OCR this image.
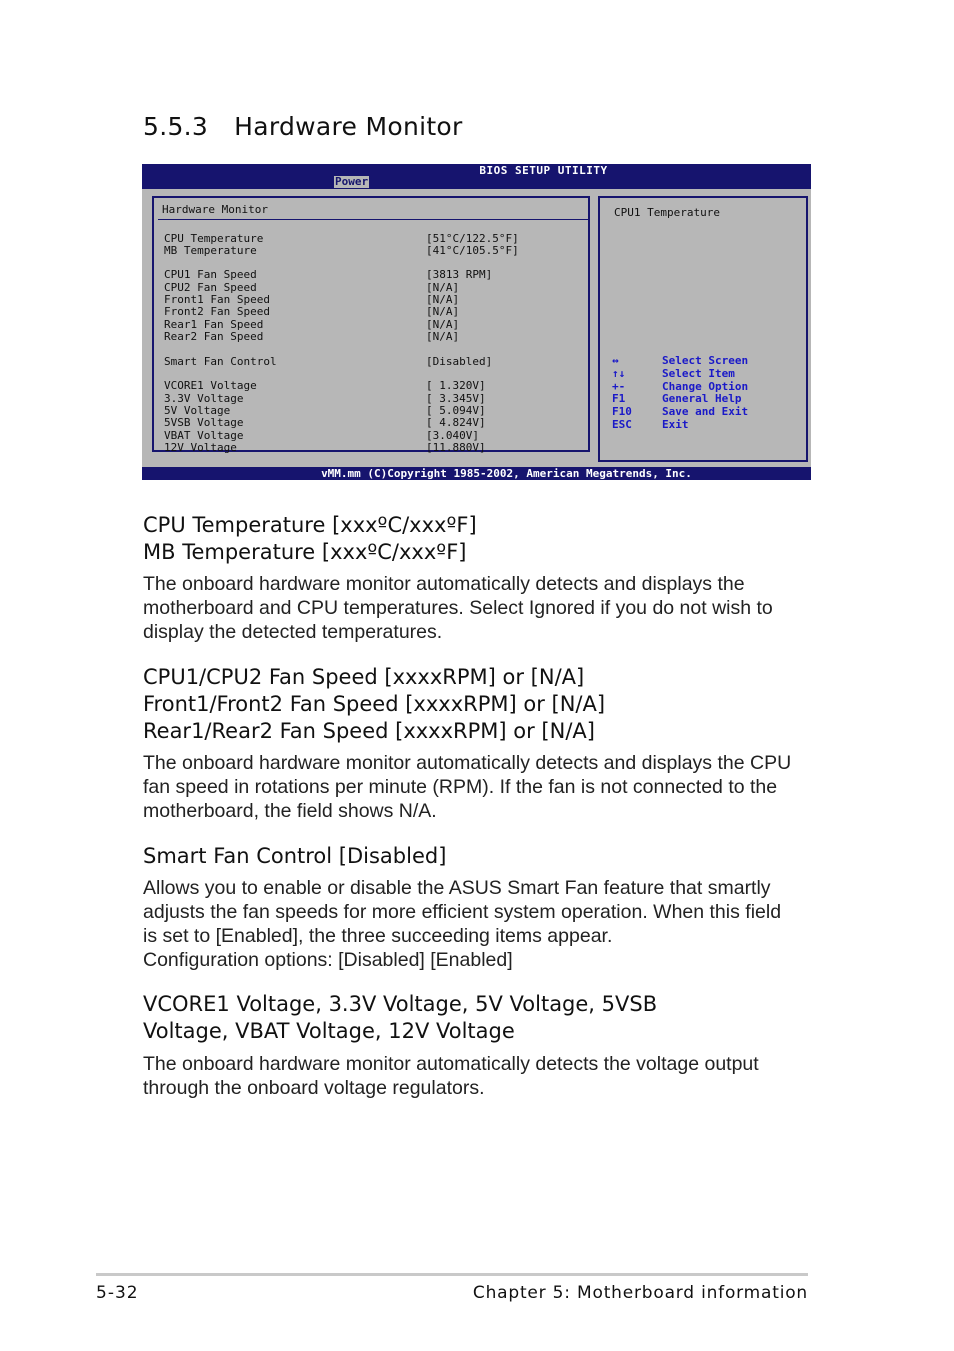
5.5.3 Hardware Monitor
BIOS SETUP UTILITY
Power
Hardware Monitor
CPU Temperature	[51°C/122.5°F]
MB Temperature	[41°C/105.5°F]
CPU1 Fan Speed	[3813 RPM]
CPU2 Fan Speed	[N/A]
Front1 Fan Speed	[N/A]
Front2 Fan Speed	[N/A]
Rear1 Fan Speed	[N/A]
Rear2 Fan Speed	[N/A]
Smart Fan Control	[Disabled]
VCORE1 Voltage	[ 1.320V]
3.3V Voltage	[ 3.345V]
5V Voltage	[ 5.094V]
5VSB Voltage	[ 4.824V]
VBAT Voltage	[3.040V]
12V Voltage	[11.880V]
CPU1 Temperature
↔	Select Screen
↑↓	Select Item
+-	Change Option
F1	General Help
F10	Save and Exit
ESC	Exit
vMM.mm (C)Copyright 1985-2002, American Megatrends, Inc.
CPU Temperature [xxxºC/xxxºF]
MB Temperature [xxxºC/xxxºF]

The onboard hardware monitor automatically detects and displays the
motherboard and CPU temperatures. Select Ignored if you do not wish to
display the detected temperatures.

CPU1/CPU2 Fan Speed [xxxxRPM] or [N/A]
Front1/Front2 Fan Speed [xxxxRPM] or [N/A]
Rear1/Rear2 Fan Speed [xxxxRPM] or [N/A]

The onboard hardware monitor automatically detects and displays the CPU
fan speed in rotations per minute (RPM). If the fan is not connected to the
motherboard, the field shows N/A.

Smart Fan Control [Disabled]

Allows you to enable or disable the ASUS Smart Fan feature that smartly
adjusts the fan speeds for more efficient system operation. When this field
is set to [Enabled], the three succeeding items appear.
Configuration options: [Disabled] [Enabled]

VCORE1 Voltage, 3.3V Voltage, 5V Voltage, 5VSB
Voltage, VBAT Voltage, 12V Voltage

The onboard hardware monitor automatically detects the voltage output
through the onboard voltage regulators.

5-32	Chapter 5: Motherboard information
